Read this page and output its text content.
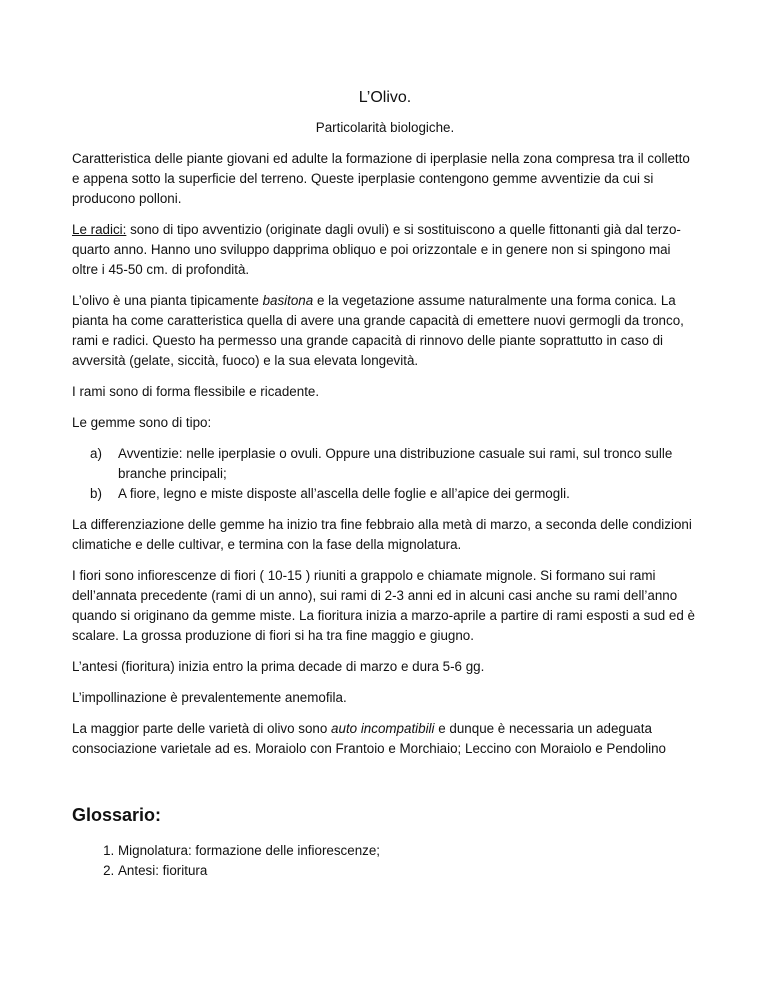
L’Olivo.
Particolarità biologiche.

Caratteristica delle piante giovani ed adulte la formazione di iperplasie nella zona compresa tra il colletto e appena sotto la superficie del terreno. Queste iperplasie contengono gemme avventizie da cui si producono polloni.

Le radici: sono di tipo avventizio (originate dagli ovuli) e si sostituiscono a quelle fittonanti già dal terzo- quarto anno. Hanno uno sviluppo dapprima obliquo e poi orizzontale e in genere non si spingono mai oltre i 45-50 cm. di profondità.

L’olivo è una pianta tipicamente basitona e la vegetazione assume naturalmente una forma conica. La pianta ha come caratteristica quella di avere una grande capacità di emettere nuovi germogli da tronco, rami e radici. Questo ha permesso una grande capacità di rinnovo delle piante soprattutto in caso di avversità (gelate, siccità, fuoco) e la sua elevata longevità.

I rami sono di forma flessibile e ricadente.

Le gemme sono di tipo:

a)	Avventizie: nelle iperplasie o ovuli. Oppure una distribuzione casuale sui rami, sul tronco sulle branche principali;
b)	A fiore, legno e miste disposte all’ascella delle foglie e all’apice dei germogli.

La differenziazione delle gemme ha inizio tra fine febbraio alla metà di marzo, a seconda delle condizioni climatiche e delle cultivar, e termina con la fase della mignolatura.

I fiori sono infiorescenze di fiori ( 10-15 ) riuniti a grappolo e chiamate mignole. Si formano sui rami dell’annata precedente (rami di un anno), sui rami di 2-3 anni ed in alcuni casi anche su rami dell’anno quando si originano da gemme miste. La fioritura inizia a marzo-aprile a partire di rami esposti a sud ed è scalare. La grossa produzione di fiori si ha tra fine maggio e giugno.

L’antesi (fioritura) inizia entro la prima decade di marzo e dura 5-6 gg.

L’impollinazione è prevalentemente anemofila.

La maggior parte delle varietà di olivo sono auto incompatibili e dunque è necessaria un adeguata consociazione varietale ad es. Moraiolo con Frantoio e Morchiaio; Leccino con Moraiolo e Pendolino

Glossario:
1. Mignolatura: formazione delle infiorescenze;
2. Antesi: fioritura
